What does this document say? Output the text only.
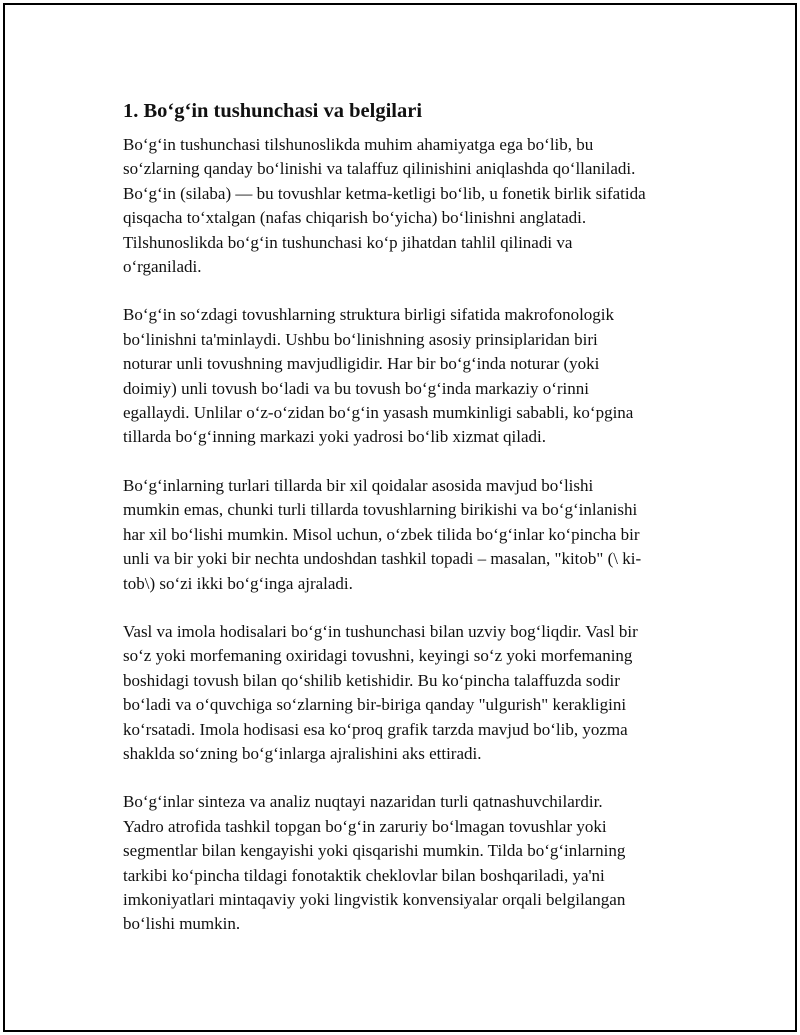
1. Bo‘g‘in tushunchasi va belgilari

Bo‘g‘in tushunchasi tilshunoslikda muhim ahamiyatga ega bo‘lib, bu
so‘zlarning qanday bo‘linishi va talaffuz qilinishini aniqlashda qo‘llaniladi.
Bo‘g‘in (silaba) — bu tovushlar ketma-ketligi bo‘lib, u fonetik birlik sifatida
qisqacha to‘xtalgan (nafas chiqarish bo‘yicha) bo‘linishni anglatadi.
Tilshunoslikda bo‘g‘in tushunchasi ko‘p jihatdan tahlil qilinadi va
o‘rganiladi.

Bo‘g‘in so‘zdagi tovushlarning struktura birligi sifatida makrofonologik
bo‘linishni ta'minlaydi. Ushbu bo‘linishning asosiy prinsiplaridan biri
noturar unli tovushning mavjudligidir. Har bir bo‘g‘inda noturar (yoki
doimiy) unli tovush bo‘ladi va bu tovush bo‘g‘inda markaziy o‘rinni
egallaydi. Unlilar o‘z-o‘zidan bo‘g‘in yasash mumkinligi sababli, ko‘pgina
tillarda bo‘g‘inning markazi yoki yadrosi bo‘lib xizmat qiladi.

Bo‘g‘inlarning turlari tillarda bir xil qoidalar asosida mavjud bo‘lishi
mumkin emas, chunki turli tillarda tovushlarning birikishi va bo‘g‘inlanishi
har xil bo‘lishi mumkin. Misol uchun, o‘zbek tilida bo‘g‘inlar ko‘pincha bir
unli va bir yoki bir nechta undoshdan tashkil topadi – masalan, "kitob" (\ ki-
tob\) so‘zi ikki bo‘g‘inga ajraladi.

Vasl va imola hodisalari bo‘g‘in tushunchasi bilan uzviy bog‘liqdir. Vasl bir
so‘z yoki morfemaning oxiridagi tovushni, keyingi so‘z yoki morfemaning
boshidagi tovush bilan qo‘shilib ketishidir. Bu ko‘pincha talaffuzda sodir
bo‘ladi va o‘quvchiga so‘zlarning bir-biriga qanday "ulgurish" kerakligini
ko‘rsatadi. Imola hodisasi esa ko‘proq grafik tarzda mavjud bo‘lib, yozma
shaklda so‘zning bo‘g‘inlarga ajralishini aks ettiradi.

Bo‘g‘inlar sinteza va analiz nuqtayi nazaridan turli qatnashuvchilardir.
Yadro atrofida tashkil topgan bo‘g‘in zaruriy bo‘lmagan tovushlar yoki
segmentlar bilan kengayishi yoki qisqarishi mumkin. Tilda bo‘g‘inlarning
tarkibi ko‘pincha tildagi fonotaktik cheklovlar bilan boshqariladi, ya'ni
imkoniyatlari mintaqaviy yoki lingvistik konvensiyalar orqali belgilangan
bo‘lishi mumkin.
